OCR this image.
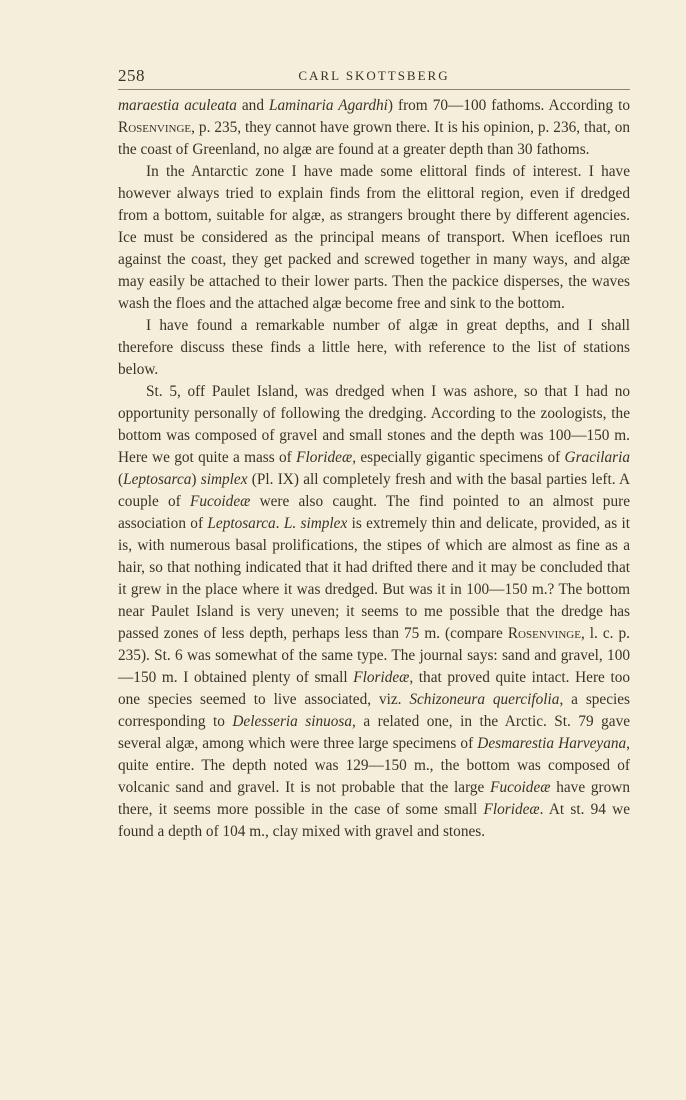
258	CARL SKOTTSBERG

maraestia aculeata and Laminaria Agardhi) from 70—100 fathoms. According to Rosenvinge, p. 235, they cannot have grown there. It is his opinion, p. 236, that, on the coast of Greenland, no algæ are found at a greater depth than 30 fathoms.

In the Antarctic zone I have made some elittoral finds of interest. I have however always tried to explain finds from the elittoral region, even if dredged from a bottom, suitable for algæ, as strangers brought there by different agencies. Ice must be considered as the principal means of transport. When icefloes run against the coast, they get packed and screwed together in many ways, and algæ may easily be attached to their lower parts. Then the packice disperses, the waves wash the floes and the attached algæ become free and sink to the bottom.

I have found a remarkable number of algæ in great depths, and I shall therefore discuss these finds a little here, with reference to the list of stations below.

St. 5, off Paulet Island, was dredged when I was ashore, so that I had no opportunity personally of following the dredging. According to the zoologists, the bottom was composed of gravel and small stones and the depth was 100—150 m. Here we got quite a mass of Florideæ, especially gigantic specimens of Gracilaria (Leptosarca) simplex (Pl. IX) all completely fresh and with the basal parties left. A couple of Fucoideæ were also caught. The find pointed to an almost pure association of Leptosarca. L. simplex is extremely thin and delicate, provided, as it is, with numerous basal prolifications, the stipes of which are almost as fine as a hair, so that nothing indicated that it had drifted there and it may be concluded that it grew in the place where it was dredged. But was it in 100—150 m.? The bottom near Paulet Island is very uneven; it seems to me possible that the dredge has passed zones of less depth, perhaps less than 75 m. (compare Rosenvinge, l. c. p. 235). St. 6 was somewhat of the same type. The journal says: sand and gravel, 100—150 m. I obtained plenty of small Florideæ, that proved quite intact. Here too one species seemed to live associated, viz. Schizoneura quercifolia, a species corresponding to Delesseria sinuosa, a related one, in the Arctic. St. 79 gave several algæ, among which were three large specimens of Desmarestia Harveyana, quite entire. The depth noted was 129—150 m., the bottom was composed of volcanic sand and gravel. It is not probable that the large Fucoideæ have grown there, it seems more possible in the case of some small Florideæ. At st. 94 we found a depth of 104 m., clay mixed with gravel and stones.
